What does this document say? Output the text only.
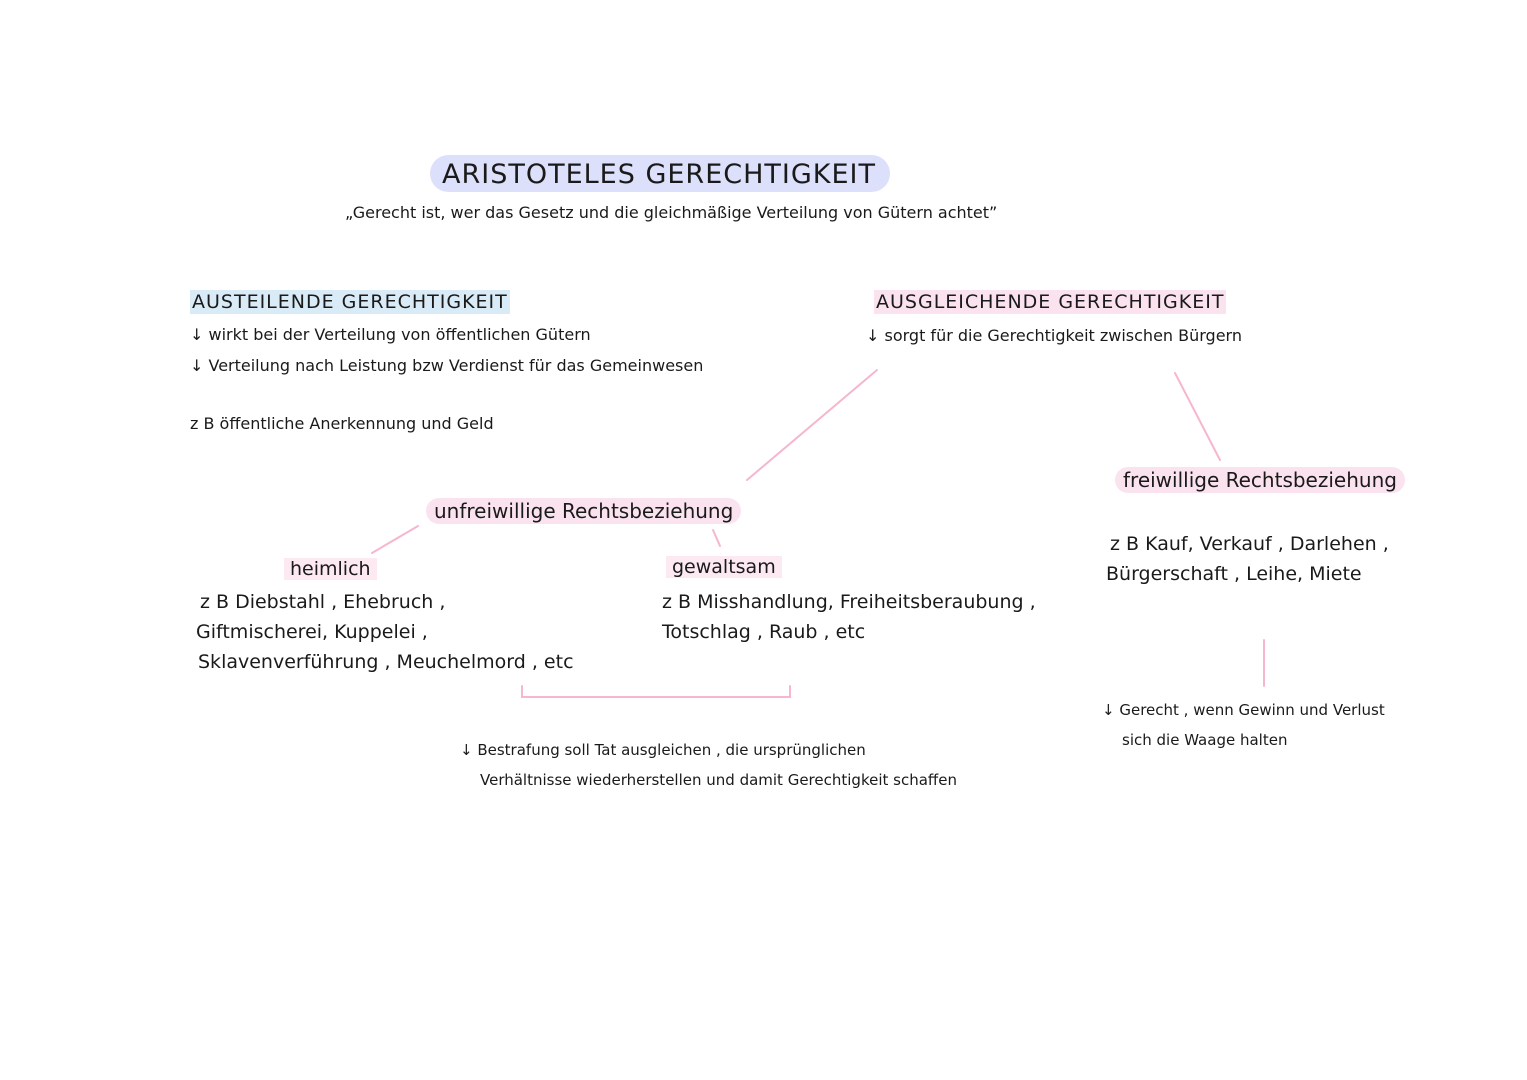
ARISTOTELES GERECHTIGKEIT
„Gerecht ist, wer das Gesetz und die gleichmäßige Verteilung von Gütern achtet”
AUSTEILENDE GERECHTIGKEIT
↓ wirkt bei der Verteilung von öffentlichen Gütern
↓ Verteilung nach Leistung bzw Verdienst für das Gemeinwesen
z B öffentliche Anerkennung und Geld
AUSGLEICHENDE GERECHTIGKEIT
↓ sorgt für die Gerechtigkeit zwischen Bürgern
unfreiwillige Rechtsbeziehung
heimlich
z B Diebstahl , Ehebruch ,
Giftmischerei, Kuppelei ,
Sklavenverführung , Meuchelmord , etc
gewaltsam
z B Misshandlung, Freiheitsberaubung ,
Totschlag , Raub , etc
↓ Bestrafung soll Tat ausgleichen , die ursprünglichen
Verhältnisse wiederherstellen und damit Gerechtigkeit schaffen
freiwillige Rechtsbeziehung
z B Kauf, Verkauf , Darlehen ,
Bürgerschaft , Leihe, Miete
↓ Gerecht , wenn Gewinn und Verlust
sich die Waage halten
